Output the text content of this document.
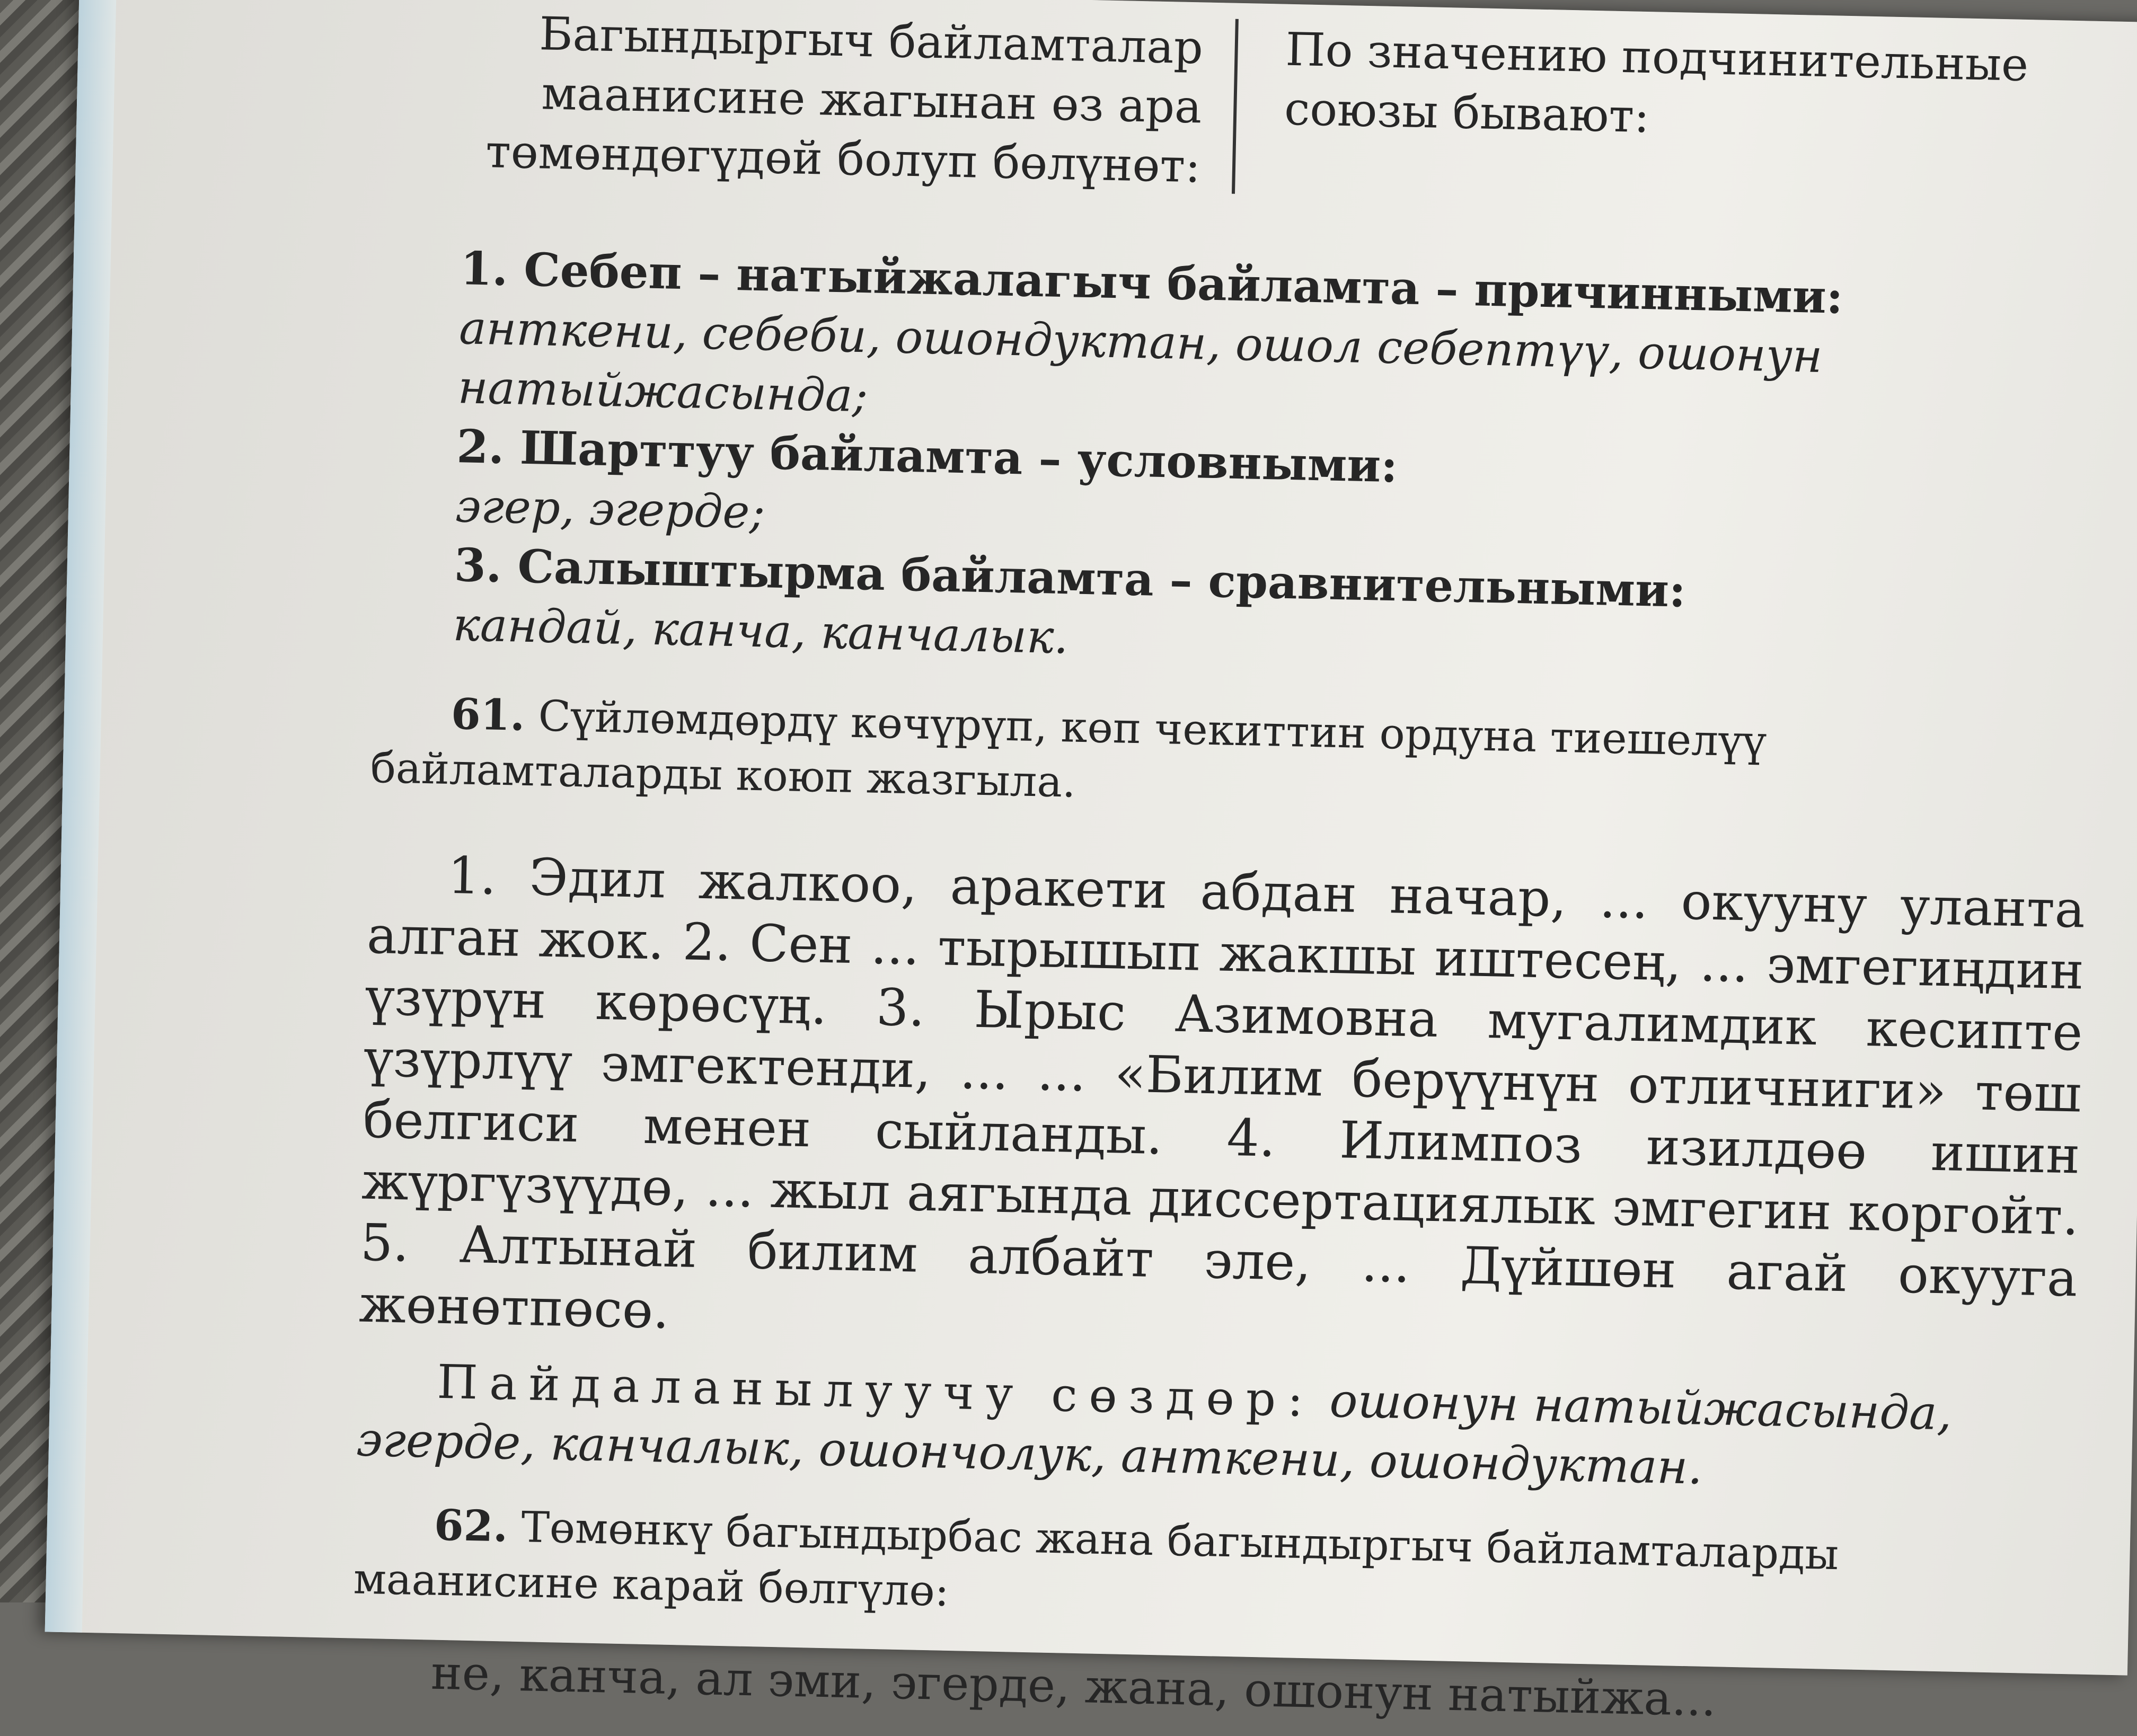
Багындыргыч байламталар маанисине жагынан өз ара төмөндөгүдөй болуп бөлүнөт:

По значению подчинительные союзы бывают:

1. Себеп – натыйжалагыч байламта – причинными:

анткени, себеби, ошондуктан, ошол себептүү, ошонун натыйжасында;

2. Шарттуу байламта – условными:

эгер, эгерде;

3. Салыштырма байламта – сравнительными:

кандай, канча, канчалык.

61. Сүйлөмдөрдү көчүрүп, көп чекиттин ордуна тиешелүү байламталарды коюп жазгыла.

1. Эдил жалкоо, аракети абдан начар, ... окууну уланта алган жок. 2. Сен ... тырышып жакшы иштесең, ... эмгегиңдин үзүрүн көрөсүң. 3. Ырыс Азимовна мугалимдик кесипте үзүрлүү эмгектенди, ... ... «Билим берүүнүн отличниги» төш белгиси менен сыйланды. 4. Илимпоз изилдөө ишин жүргүзүүдө, ... жыл аягында диссертациялык эмгегин коргойт. 5. Алтынай билим албайт эле, ... Дүйшөн агай окууга жөнөтпөсө.

Пайдаланылуучу сөздөр: ошонун натыйжасында, эгерде, канчалык, ошончолук, анткени, ошондуктан.

62. Төмөнкү багындырбас жана багындыргыч байламталарды маанисине карай бөлгүлө:

не, канча, ал эми, эгерде, жана, ошонун натыйжа...
